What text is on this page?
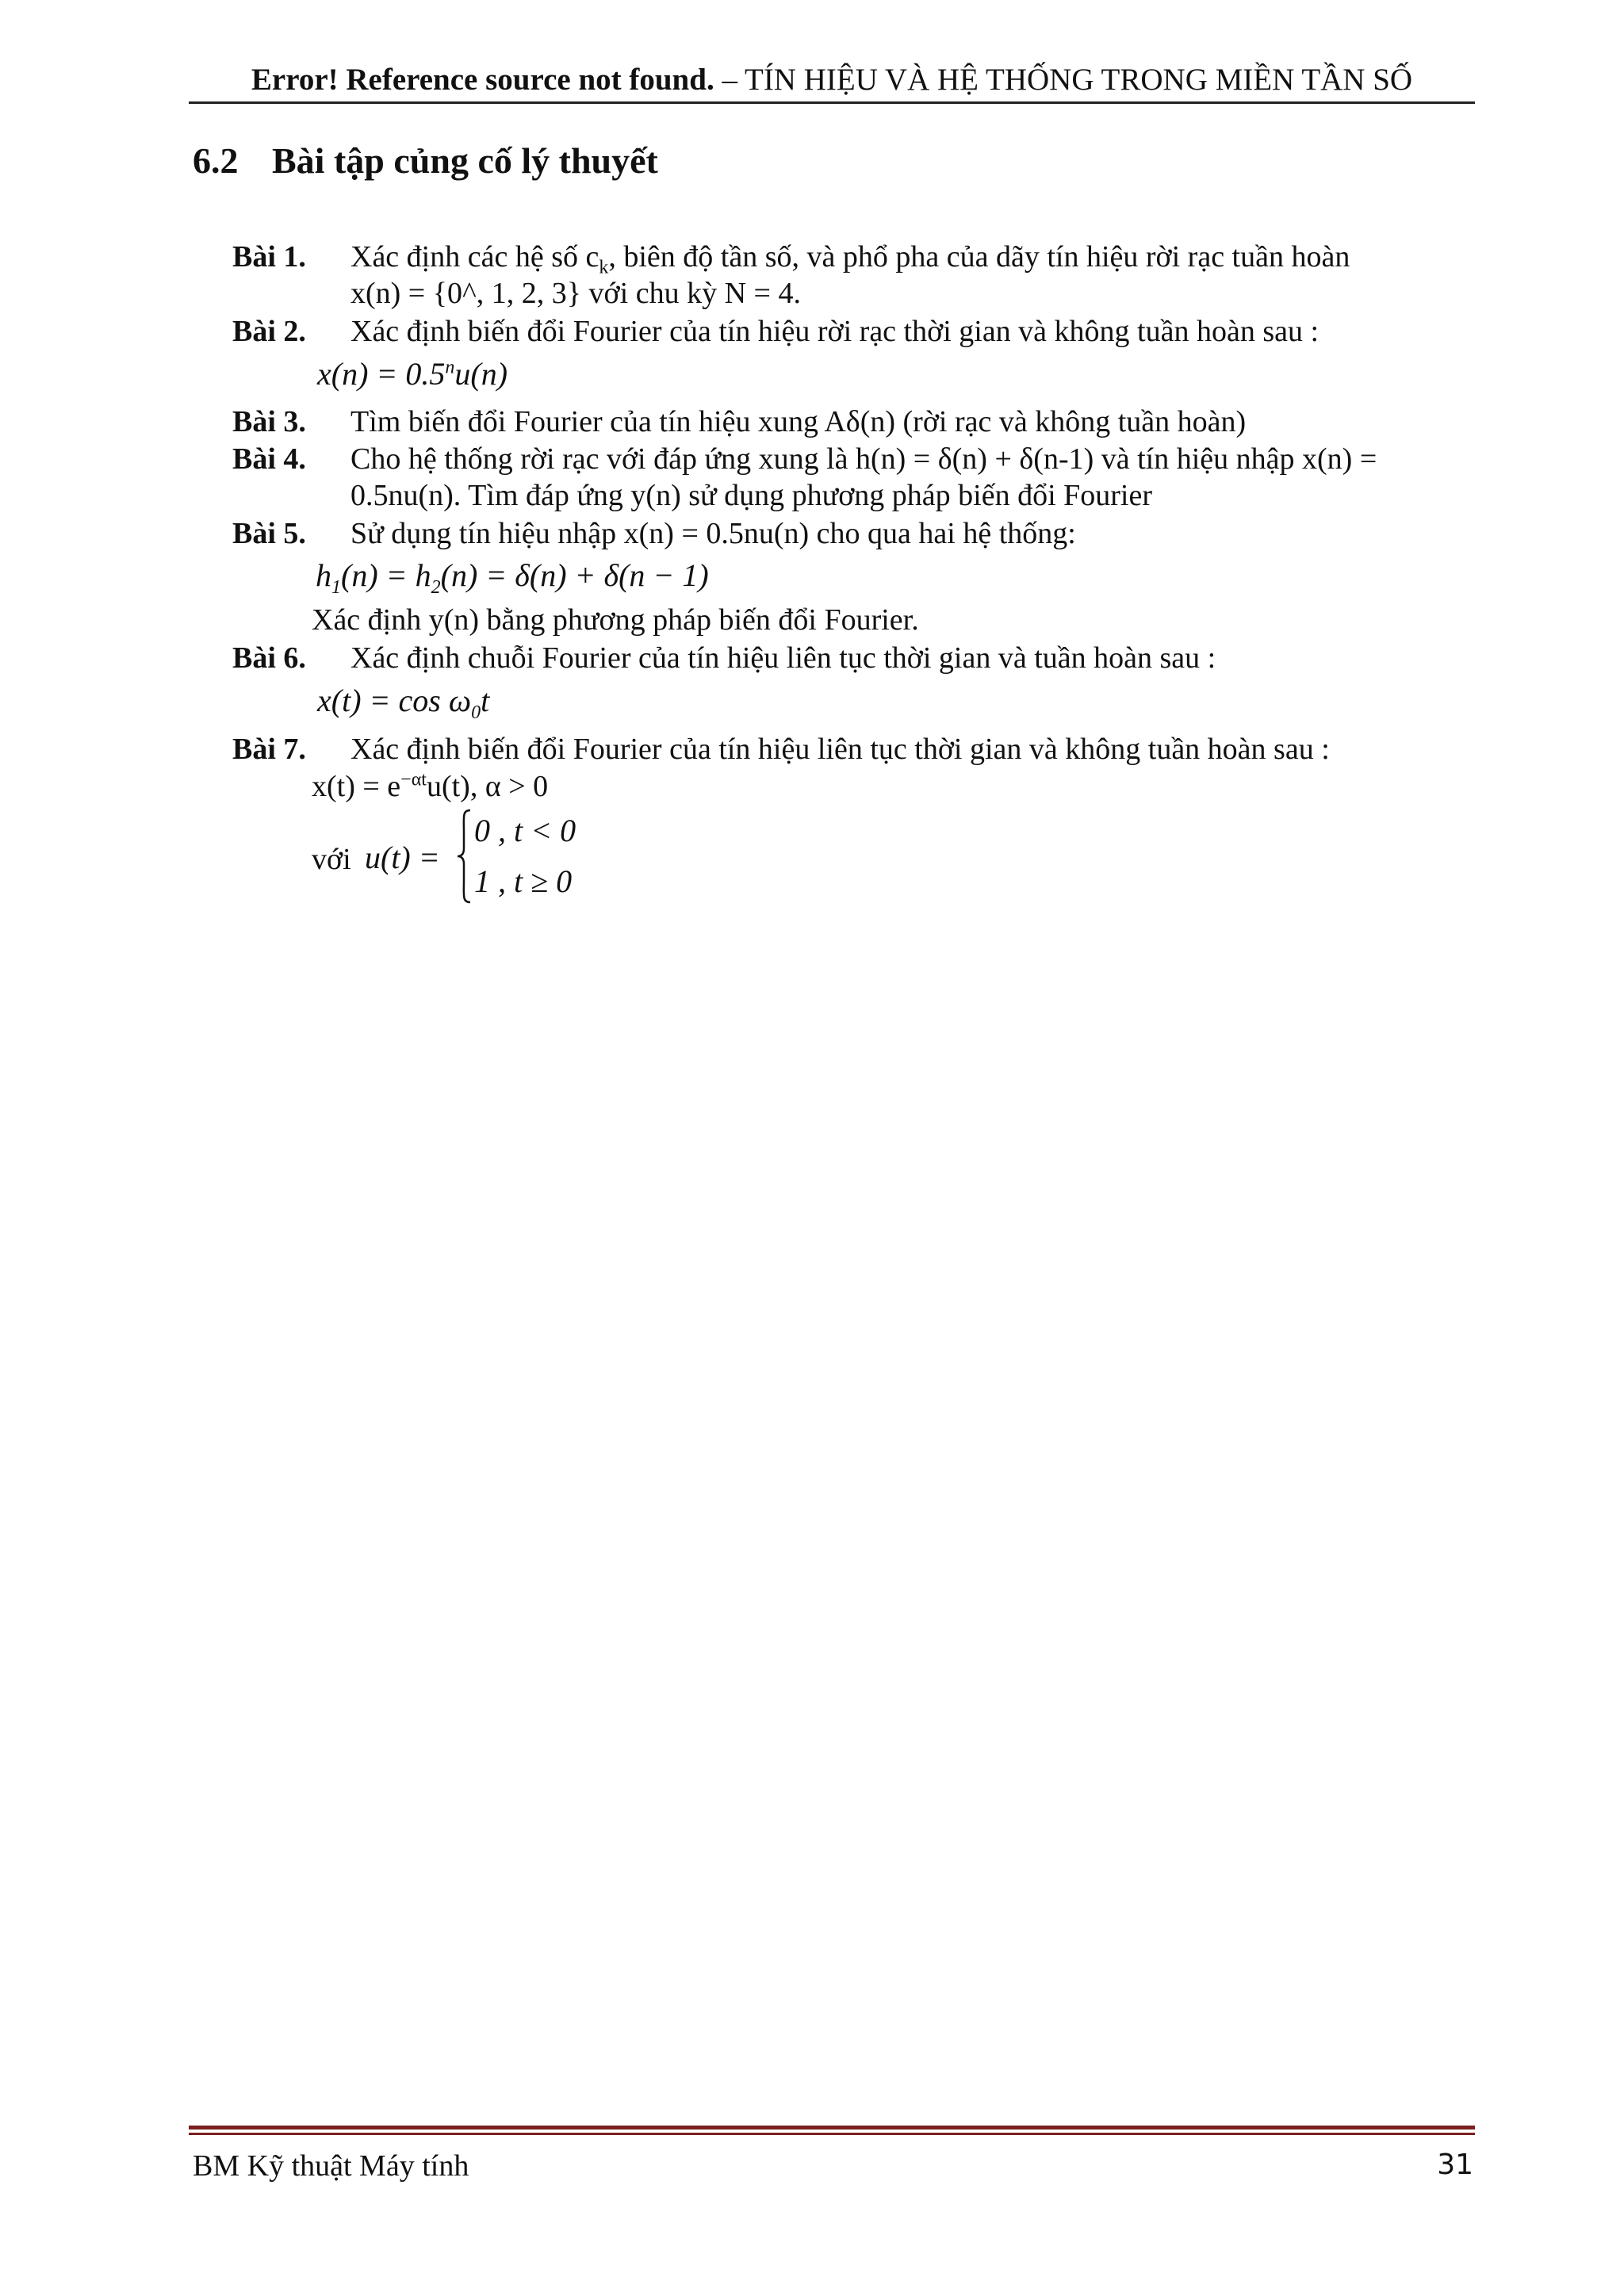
Error! Reference source not found. – TÍN HIỆU VÀ HỆ THỐNG TRONG MIỀN TẦN SỐ
6.2 Bài tập củng cố lý thuyết
Bài 1. Xác định các hệ số $c_k$, biên độ tần số, và phổ pha của dãy tín hiệu rời rạc tuần hoàn
x(n) = {0^, 1, 2, 3} với chu kỳ N = 4.
Bài 2. Xác định biến đổi Fourier của tín hiệu rời rạc thời gian và không tuần hoàn sau :
$x(n) = 0.5^nu(n)$
Bài 3. Tìm biến đổi Fourier của tín hiệu xung Aδ(n) (rời rạc và không tuần hoàn)
Bài 4. Cho hệ thống rời rạc với đáp ứng xung là h(n) = δ(n) + δ(n-1) và tín hiệu nhập x(n) =
0.5nu(n). Tìm đáp ứng y(n) sử dụng phương pháp biến đổi Fourier
Bài 5. Sử dụng tín hiệu nhập x(n) = 0.5nu(n) cho qua hai hệ thống:
$h_1(n) = h_2(n) = \delta(n) + \delta(n - 1)$
Xác định y(n) bằng phương pháp biến đổi Fourier.
Bài 6. Xác định chuỗi Fourier của tín hiệu liên tục thời gian và tuần hoàn sau :
$x(t) = \cos \omega_0t$
Bài 7. Xác định biến đổi Fourier của tín hiệu liên tục thời gian và không tuần hoàn sau :
$x(t) = e^{-\alpha t}u(t)$, α > 0
với u(t) =
0 , t < 0
1 , t ≥ 0
BM Kỹ thuật Máy tính	31
